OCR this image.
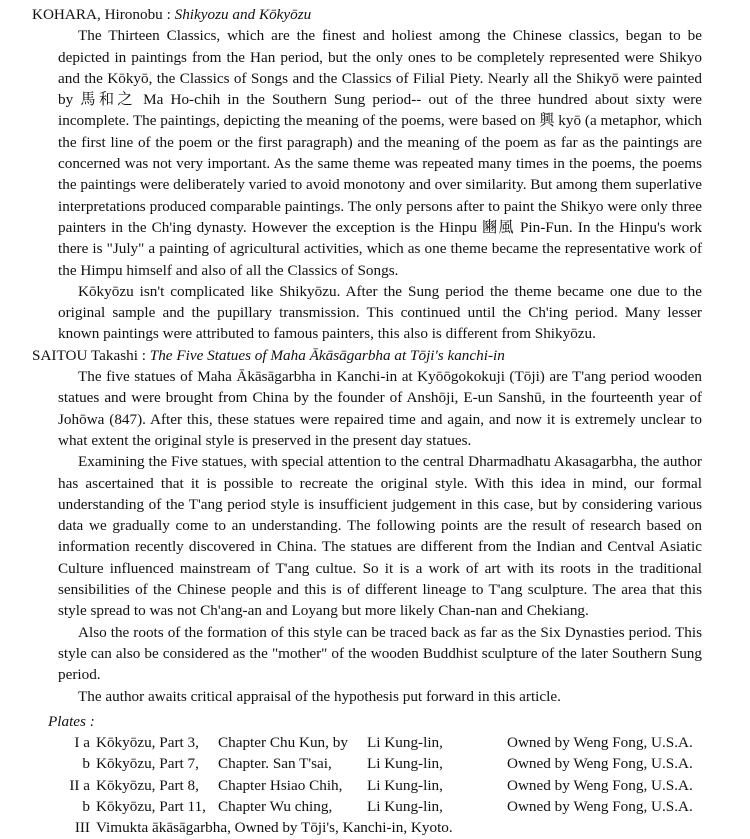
KOHARA, Hironobu : Shikyozu and Kōkyōzu

The Thirteen Classics, which are the finest and holiest among the Chinese classics, began to be depicted in paintings from the Han period, but the only ones to be completely represented were Shikyo and the Kōkyō, the Classics of Songs and the Classics of Filial Piety. Nearly all the Shikyō were painted by 馬和之 Ma Ho-chih in the Southern Sung period-- out of the three hundred about sixty were incomplete. The paintings, depicting the meaning of the poems, were based on 興 kyō (a metaphor, which the first line of the poem or the first paragraph) and the meaning of the poem as far as the paintings are concerned was not very important. As the same theme was repeated many times in the poems, the poems the paintings were deliberately varied to avoid monotony and over similarity. But among them superlative interpretations produced comparable paintings. The only persons after to paint the Shikyo were only three painters in the Ch'ing dynasty. However the exception is the Hinpu 豳風 Pin-Fun. In the Hinpu's work there is "July" a painting of agricultural activities, which as one theme became the representative work of the Himpu himself and also of all the Classics of Songs.

Kōkyōzu isn't complicated like Shikyōzu. After the Sung period the theme became one due to the original sample and the pupillary transmission. This continued until the Ch'ing period. Many lesser known paintings were attributed to famous painters, this also is different from Shikyōzu.

SAITOU Takashi : The Five Statues of Maha Ākāsāgarbha at Tōji's kanchi-in

The five statues of Maha Ākāsāgarbha in Kanchi-in at Kyōōgokokuji (Tōji) are T'ang period wooden statues and were brought from China by the founder of Anshōji, E-un Sanshū, in the fourteenth year of Johōwa (847). After this, these statues were repaired time and again, and now it is extremely unclear to what extent the original style is preserved in the present day statues.

Examining the Five statues, with special attention to the central Dharmadhatu Akasagarbha, the author has ascertained that it is possible to recreate the original style. With this idea in mind, our formal understanding of the T'ang period style is insufficient judgement in this case, but by considering various data we gradually come to an understanding. The following points are the result of research based on information recently discovered in China. The statues are different from the Indian and Centval Asiatic Culture influenced mainstream of T'ang cultue. So it is a work of art with its roots in the traditional sensibilities of the Chinese people and this is of different lineage to T'ang sculpture. The area that this style spread to was not Ch'ang-an and Loyang but more likely Chan-nan and Chekiang.

Also the roots of the formation of this style can be traced back as far as the Six Dynasties period. This style can also be considered as the "mother" of the wooden Buddhist sculpture of the later Southern Sung period.

The author awaits critical appraisal of the hypothesis put forward in this article.

Plates :
I a Kōkyōzu, Part 3,	Chapter Chu Kun, by	Li Kung-lin,	Owned by Weng Fong, U.S.A.
b Kōkyōzu, Part 7,	Chapter. San T'sai,	Li Kung-lin,	Owned by Weng Fong, U.S.A.
II a Kōkyōzu, Part 8,	Chapter Hsiao Chih,	Li Kung-lin,	Owned by Weng Fong, U.S.A.
b Kōkyōzu, Part 11, Chapter Wu ching,	Li Kung-lin,	Owned by Weng Fong, U.S.A.
III Vimukta ākāsāgarbha, Owned by Tōji's, Kanchi-in, Kyoto.
